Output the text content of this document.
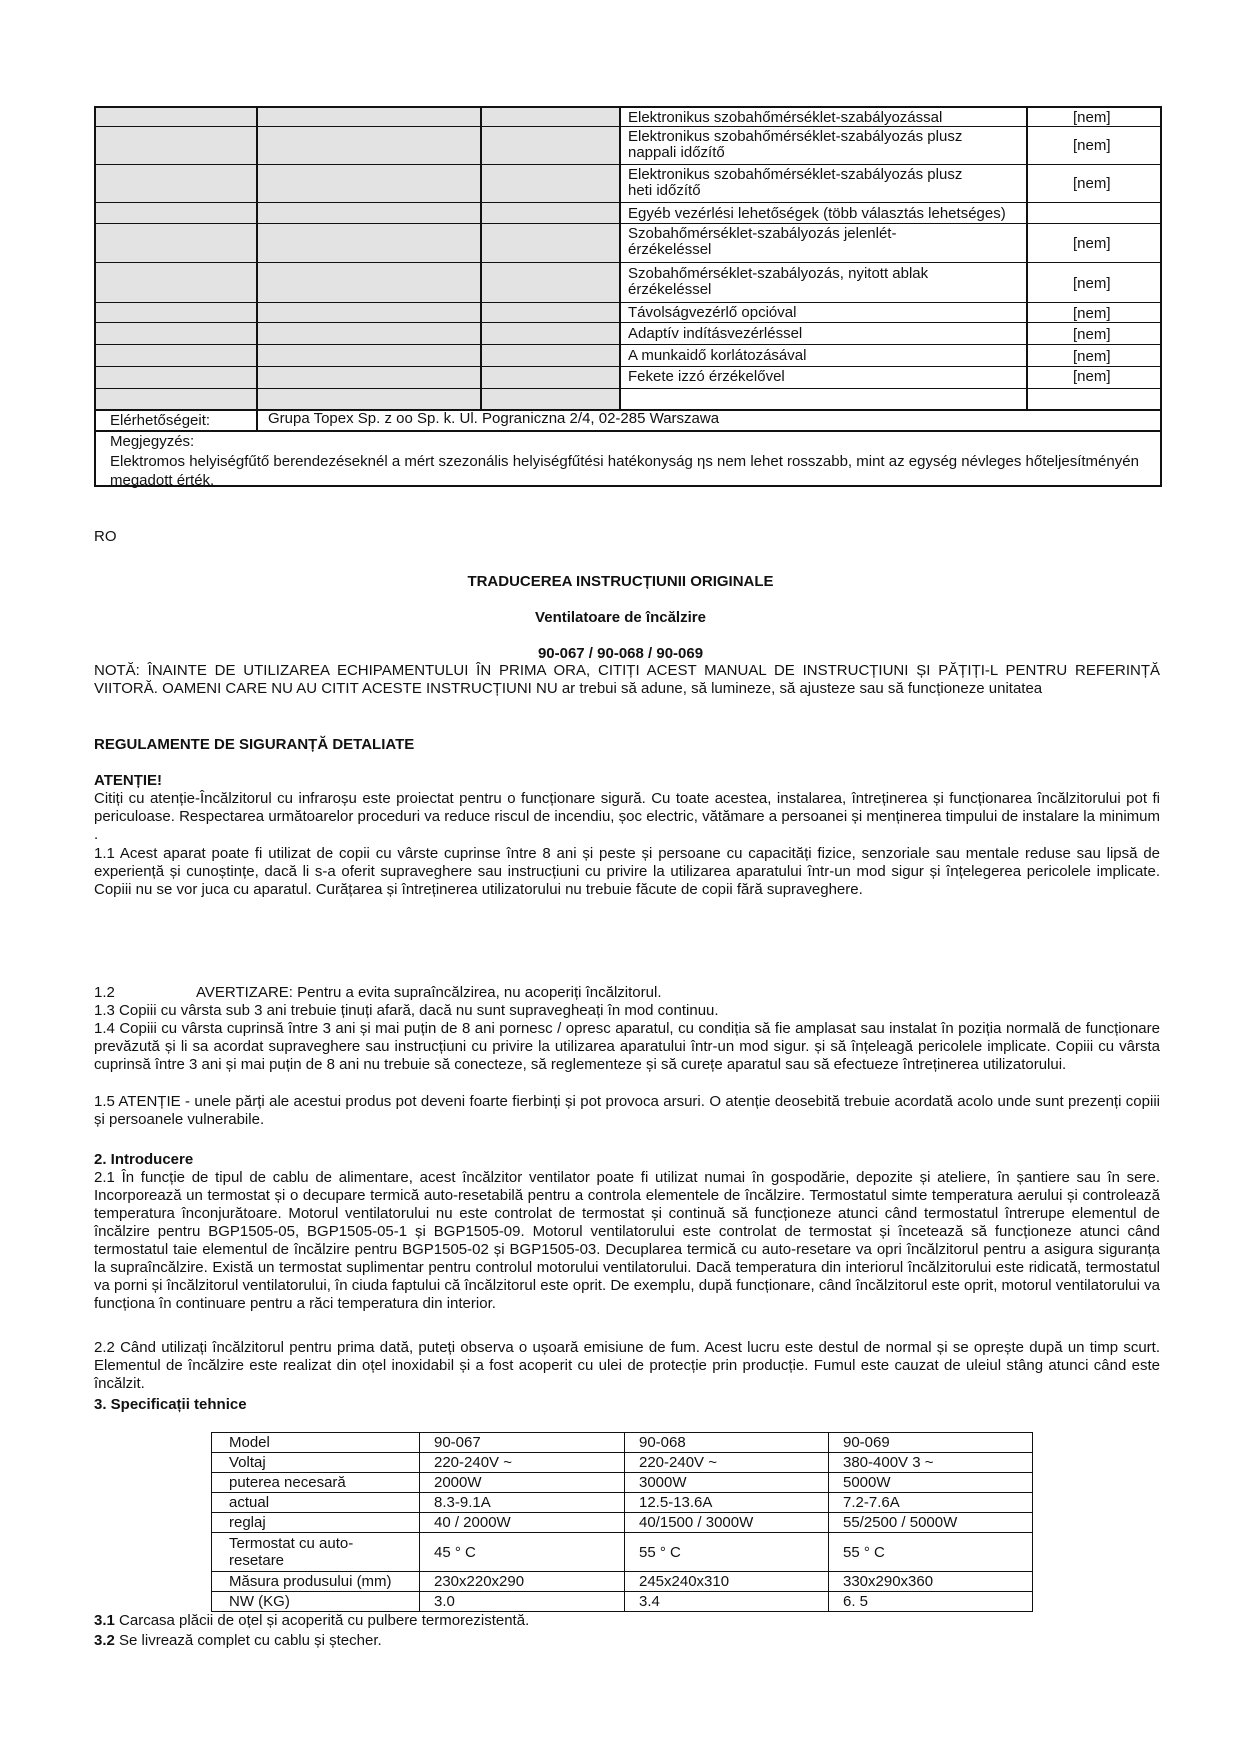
Elektronikus szobahőmérséklet-szabályozással	[nem]
Elektronikus szobahőmérséklet-szabályozás plusz
nappali időzítő	[nem]
Elektronikus szobahőmérséklet-szabályozás plusz
heti időzítő	[nem]
Egyéb vezérlési lehetőségek (több választás lehetséges)
Szobahőmérséklet-szabályozás jelenlét-
érzékeléssel	[nem]
Szobahőmérséklet-szabályozás, nyitott ablak
érzékeléssel	[nem]
Távolságvezérlő opcióval	[nem]
Adaptív indításvezérléssel	[nem]
A munkaidő korlátozásával	[nem]
Fekete izzó érzékelővel	[nem]
Elérhetőségeit:	Grupa Topex Sp. z oo Sp. k. Ul. Pograniczna 2/4, 02-285 Warszawa
Megjegyzés:
Elektromos helyiségfűtő berendezéseknél a mért szezonális helyiségfűtési hatékonyság ηs nem lehet rosszabb, mint az egység névleges hőteljesítményén megadott érték.
RO
TRADUCEREA INSTRUCȚIUNII ORIGINALE
Ventilatoare de încălzire
90-067 / 90-068 / 90-069
NOTĂ: ÎNAINTE DE UTILIZAREA ECHIPAMENTULUI ÎN PRIMA ORA, CITIȚI ACEST MANUAL DE INSTRUCȚIUNI ȘI PĂȚIȚI-L PENTRU REFERINȚĂ VIITORĂ. OAMENI CARE NU AU CITIT ACESTE INSTRUCȚIUNI NU ar trebui să adune, să lumineze, să ajusteze sau să funcționeze unitatea
REGULAMENTE DE SIGURANȚĂ DETALIATE
ATENȚIE!
Citiți cu atenție-Încălzitorul cu infraroșu este proiectat pentru o funcționare sigură. Cu toate acestea, instalarea, întreținerea și funcționarea încălzitorului pot fi periculoase. Respectarea următoarelor proceduri va reduce riscul de incendiu, șoc electric, vătămare a persoanei și menținerea timpului de instalare la minimum .
1.1 Acest aparat poate fi utilizat de copii cu vârste cuprinse între 8 ani și peste și persoane cu capacități fizice, senzoriale sau mentale reduse sau lipsă de experiență și cunoștințe, dacă li s-a oferit supraveghere sau instrucțiuni cu privire la utilizarea aparatului într-un mod sigur și înțelegerea pericolele implicate. Copiii nu se vor juca cu aparatul. Curățarea și întreținerea utilizatorului nu trebuie făcute de copii fără supraveghere.
1.2	AVERTIZARE: Pentru a evita supraîncălzirea, nu acoperiți încălzitorul.
1.3 Copiii cu vârsta sub 3 ani trebuie ținuți afară, dacă nu sunt supravegheați în mod continuu.
1.4 Copiii cu vârsta cuprinsă între 3 ani și mai puțin de 8 ani pornesc / opresc aparatul, cu condiția să fie amplasat sau instalat în poziția normală de funcționare prevăzută și li sa acordat supraveghere sau instrucțiuni cu privire la utilizarea aparatului într-un mod sigur. și să înțeleagă pericolele implicate. Copiii cu vârsta cuprinsă între 3 ani și mai puțin de 8 ani nu trebuie să conecteze, să reglementeze și să curețe aparatul sau să efectueze întreținerea utilizatorului.
1.5 ATENȚIE - unele părți ale acestui produs pot deveni foarte fierbinți și pot provoca arsuri. O atenție deosebită trebuie acordată acolo unde sunt prezenți copiii și persoanele vulnerabile.
2. Introducere
2.1 În funcție de tipul de cablu de alimentare, acest încălzitor ventilator poate fi utilizat numai în gospodărie, depozite și ateliere, în șantiere sau în sere. Incorporează un termostat și o decupare termică auto-resetabilă pentru a controla elementele de încălzire. Termostatul simte temperatura aerului și controlează temperatura înconjurătoare. Motorul ventilatorului nu este controlat de termostat și continuă să funcționeze atunci când termostatul întrerupe elementul de încălzire pentru BGP1505-05, BGP1505-05-1 și BGP1505-09. Motorul ventilatorului este controlat de termostat și încetează să funcționeze atunci când termostatul taie elementul de încălzire pentru BGP1505-02 și BGP1505-03. Decuplarea termică cu auto-resetare va opri încălzitorul pentru a asigura siguranța la supraîncălzire. Există un termostat suplimentar pentru controlul motorului ventilatorului. Dacă temperatura din interiorul încălzitorului este ridicată, termostatul va porni și încălzitorul ventilatorului, în ciuda faptului că încălzitorul este oprit. De exemplu, după funcționare, când încălzitorul este oprit, motorul ventilatorului va funcționa în continuare pentru a răci temperatura din interior.
2.2 Când utilizați încălzitorul pentru prima dată, puteți observa o ușoară emisiune de fum. Acest lucru este destul de normal și se oprește după un timp scurt. Elementul de încălzire este realizat din oțel inoxidabil și a fost acoperit cu ulei de protecție prin producție. Fumul este cauzat de uleiul stâng atunci când este încălzit.
3. Specificații tehnice
Model	90-067	90-068	90-069
Voltaj	220-240V ~	220-240V ~	380-400V 3 ~
puterea necesară	2000W	3000W	5000W
actual	8.3-9.1A	12.5-13.6A	7.2-7.6A
reglaj	40 / 2000W	40/1500 / 3000W	55/2500 / 5000W
Termostat cu auto-resetare	45 ° C	55 ° C	55 ° C
Măsura produsului (mm)	230x220x290	245x240x310	330x290x360
NW (KG)	3.0	3.4	6. 5
3.1 Carcasa plăcii de oțel și acoperită cu pulbere termorezistentă.
3.2 Se livrează complet cu cablu și ștecher.
